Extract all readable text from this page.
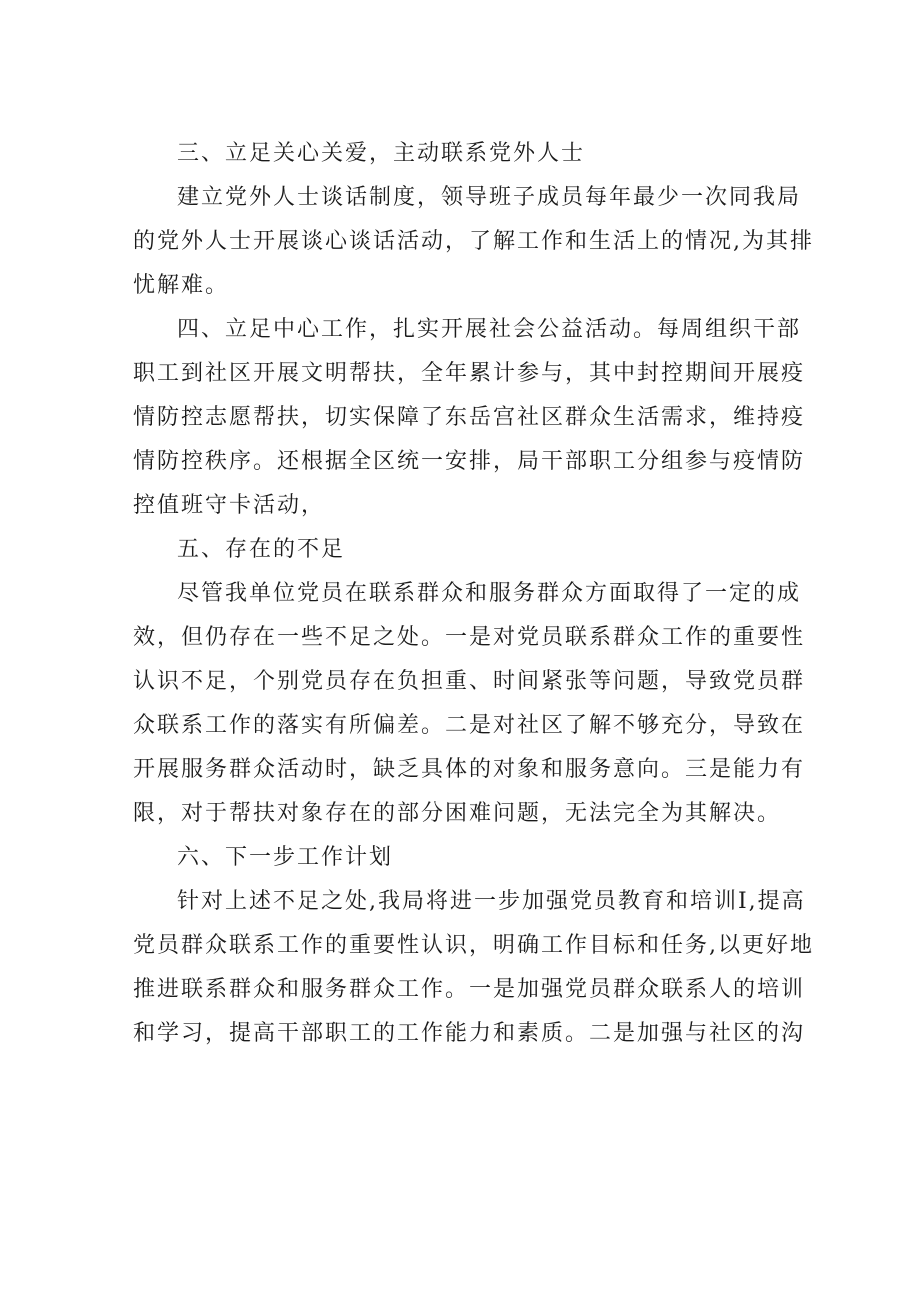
三、立足关心关爱，主动联系党外人士
建立党外人士谈话制度，领导班子成员每年最少一次同我局
的党外人士开展谈心谈话活动，了解工作和生活上的情况,为其排
忧解难。
四、立足中心工作，扎实开展社会公益活动。每周组织干部
职工到社区开展文明帮扶，全年累计参与，其中封控期间开展疫
情防控志愿帮扶，切实保障了东岳宫社区群众生活需求，维持疫
情防控秩序。还根据全区统一安排，局干部职工分组参与疫情防
控值班守卡活动，
五、存在的不足
尽管我单位党员在联系群众和服务群众方面取得了一定的成
效，但仍存在一些不足之处。一是对党员联系群众工作的重要性
认识不足，个别党员存在负担重、时间紧张等问题，导致党员群
众联系工作的落实有所偏差。二是对社区了解不够充分，导致在
开展服务群众活动时，缺乏具体的对象和服务意向。三是能力有
限，对于帮扶对象存在的部分困难问题，无法完全为其解决。
六、下一步工作计划
针对上述不足之处,我局将进一步加强党员教育和培训Ⅰ,提高
党员群众联系工作的重要性认识，明确工作目标和任务,以更好地
推进联系群众和服务群众工作。一是加强党员群众联系人的培训
和学习，提高干部职工的工作能力和素质。二是加强与社区的沟
